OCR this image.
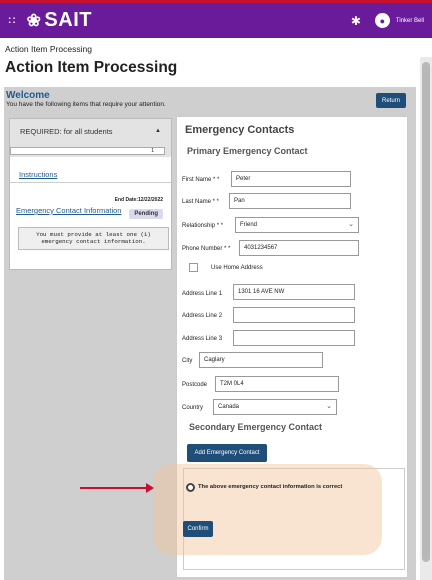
:: ❀ SAIT	✱	●	Tinker Bell
Action Item Processing
Action Item Processing
Welcome
You have the following items that require your attention.
Return
REQUIRED: for all students	▲
1
Instructions
End Date:12/22/2022
Emergency Contact Information	Pending
You must provide at least one (1) emergency contact information.
Emergency Contacts
Primary Emergency Contact
First Name * *	Peter
Last Name * *	Pan
Relationship * *	Friend	⌄
Phone Number * *	4031234567
Use Home Address
Address Line 1	1301 16 AVE NW
Address Line 2
Address Line 3
City	Caglary
Postcode	T2M 0L4
Country	Canada	⌄
Secondary Emergency Contact
Add Emergency Contact
The above emergency contact information is correct
Confirm
